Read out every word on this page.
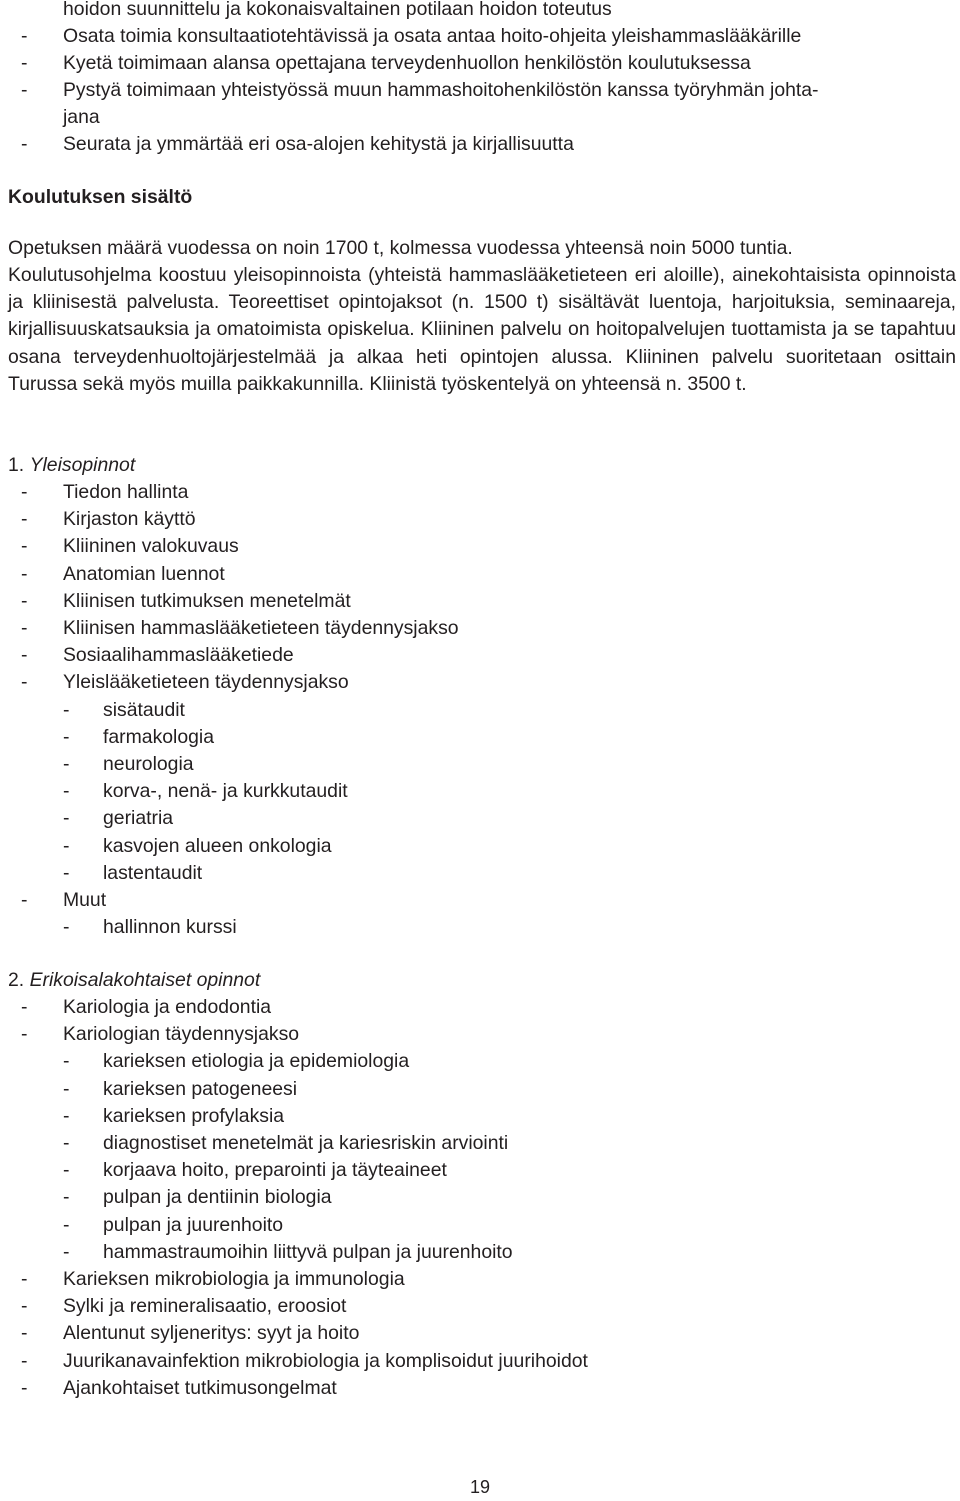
hoidon suunnittelu ja kokonaisvaltainen potilaan hoidon toteutus
- Osata toimia konsultaatiotehtävissä ja osata antaa hoito-ohjeita yleishammaslääkärille
- Kyetä toimimaan alansa opettajana terveydenhuollon henkilöstön koulutuksessa
- Pystyä toimimaan yhteistyössä muun hammashoitohenkilöstön kanssa työryhmän johta-
jana
- Seurata ja ymmärtää eri osa-alojen kehitystä ja kirjallisuutta
Koulutuksen sisältö
Opetuksen määrä vuodessa on noin 1700 t, kolmessa vuodessa yhteensä noin 5000 tuntia.
Koulutusohjelma koostuu yleisopinnoista (yhteistä hammaslääketieteen eri aloille), ainekohtaisista opinnoista ja kliinisestä palvelusta. Teoreettiset opintojaksot (n. 1500 t) sisältävät luentoja, harjoituksia, seminaareja, kirjallisuuskatsauksia ja omatoimista opiskelua. Kliininen palvelu on hoitopalvelujen tuottamista ja se tapahtuu osana terveydenhuoltojärjestelmää ja alkaa heti opintojen alussa. Kliininen palvelu suoritetaan osittain Turussa sekä myös muilla paikkakunnilla. Kliinistä työskentelyä on yhteensä n. 3500 t.
1. Yleisopinnot
- Tiedon hallinta
- Kirjaston käyttö
- Kliininen valokuvaus
- Anatomian luennot
- Kliinisen tutkimuksen menetelmät
- Kliinisen hammaslääketieteen täydennysjakso
- Sosiaalihammaslääketiede
- Yleislääketieteen täydennysjakso
- sisätaudit
- farmakologia
- neurologia
- korva-, nenä- ja kurkkutaudit
- geriatria
- kasvojen alueen onkologia
- lastentaudit
- Muut
- hallinnon kurssi
2. Erikoisalakohtaiset opinnot
- Kariologia ja endodontia
- Kariologian täydennysjakso
- karieksen etiologia ja epidemiologia
- karieksen patogeneesi
- karieksen profylaksia
- diagnostiset menetelmät ja kariesriskin arviointi
- korjaava hoito, preparointi ja täyteaineet
- pulpan ja dentiinin biologia
- pulpan ja juurenhoito
- hammastraumoihin liittyvä pulpan ja juurenhoito
- Karieksen mikrobiologia ja immunologia
- Sylki ja remineralisaatio, eroosiot
- Alentunut syljeneritys: syyt ja hoito
- Juurikanavainfektion mikrobiologia ja komplisoidut juurihoidot
- Ajankohtaiset tutkimusongelmat
19
